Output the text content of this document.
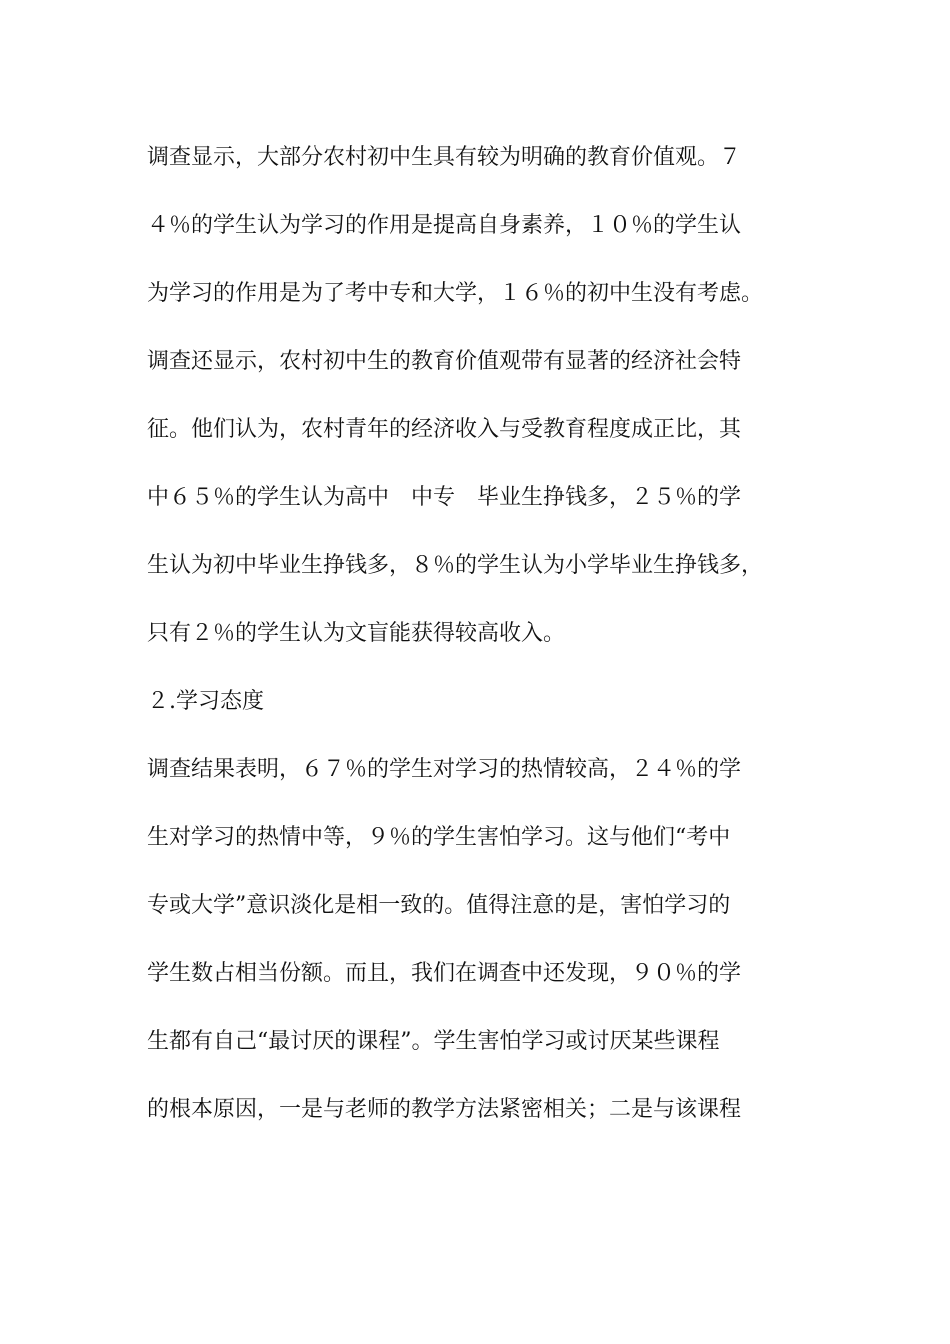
调查显示，大部分农村初中生具有较为明确的教育价值观。７
４％的学生认为学习的作用是提高自身素养，１０％的学生认
为学习的作用是为了考中专和大学，１６％的初中生没有考虑。
调查还显示，农村初中生的教育价值观带有显著的经济社会特
征。他们认为，农村青年的经济收入与受教育程度成正比，其
中６５％的学生认为高中　中专　毕业生挣钱多，２５％的学
生认为初中毕业生挣钱多，８％的学生认为小学毕业生挣钱多，
只有２％的学生认为文盲能获得较高收入。
２.学习态度
调查结果表明，６７％的学生对学习的热情较高，２４％的学
生对学习的热情中等，９％的学生害怕学习。这与他们“考中
专或大学”意识淡化是相一致的。值得注意的是，害怕学习的
学生数占相当份额。而且，我们在调查中还发现，９０％的学
生都有自己“最讨厌的课程”。学生害怕学习或讨厌某些课程
的根本原因，一是与老师的教学方法紧密相关；二是与该课程
